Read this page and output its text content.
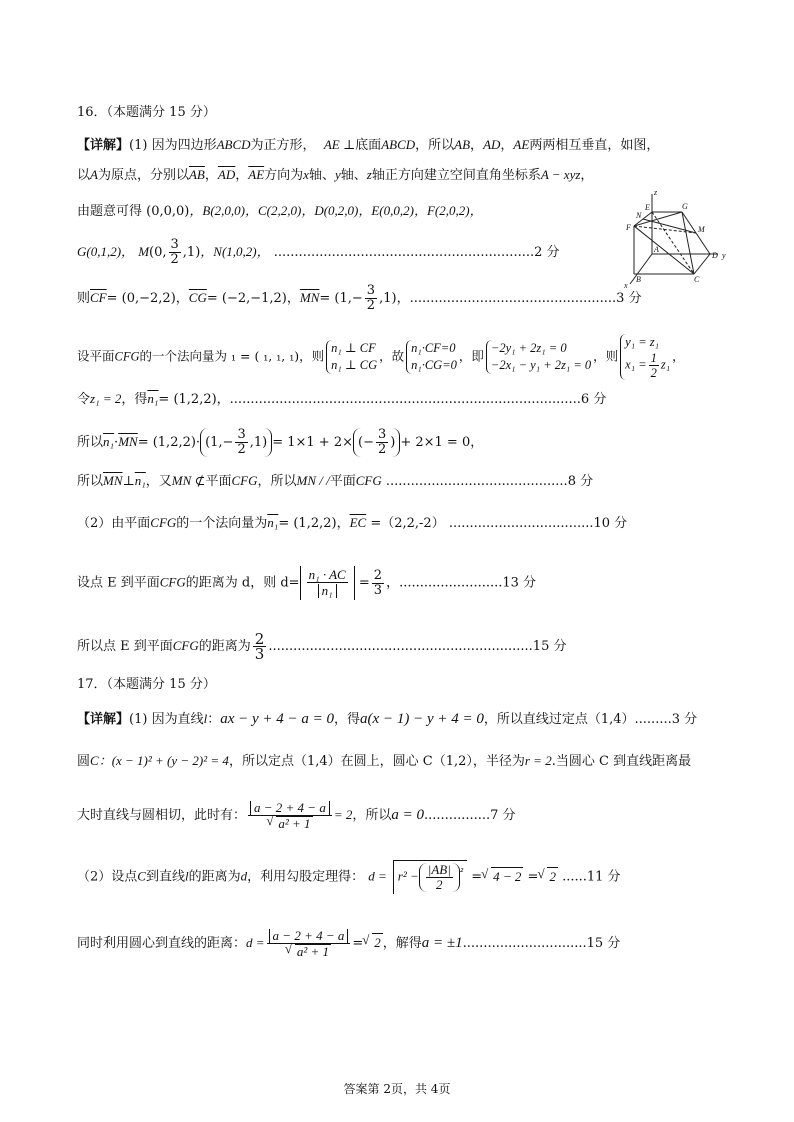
16．（本题满分 15 分）
【详解】(1) 因为四边形ABCD为正方形， AE ⊥底面ABCD，所以AB，AD，AE两两相互垂直，如图，
以A为原点，分别以$\overline{AB}$，$\overline{AD}$，$\overline{AE}$方向为x轴、y轴、z轴正方向建立空间直角坐标系A − xyz，
由题意可得 (0,0,0)，B(2,0,0)，C(2,2,0)，D(0,2,0)，E(0,0,2)，F(2,0,2)，
G(0,1,2)， M(0, $\frac{3}{2} ,1$)，N(1,0,2)， ...............................................................2 分
则$\overline{CF}= (0,-2,2)$，$\overline{CG}= (-2,-1,2)$，$\overline{MN}= (1,- \frac{3}{2} ,1)$，..................................................3 分
设平面CFG的一个法向量为 ₁ = ( ₁, ₁, ₁)，则
n₁ ⊥ CF
n₁ ⊥ CG
，故
n₁·CF=0
n₁·CG=0
，即
−2y₁ + 2z₁ = 0
−2x₁ − y₁ + 2z₁ = 0
，则
y₁ = z₁
$x_1 = \frac{1}{2} z_1$
，
令z₁ = 2，得n₁= (1,2,2)，.....................................................................................6 分
所以$n_1\cdot\overline{MN}= (1,2,2)\cdot (1,- \frac{3}{2} ,1) = 1\times 1 + 2\times$ (− $\frac{3}{2}$ ) + 2×1 = 0，
所以$\overline{MN}\perp n_1$，又MN ⊄平面CFG，所以MN / /平面CFG ............................................8 分
（2）由平面CFG的一个法向量为n₁= (1,2,2)，$\overline{EC} =(2,2,-2)$ ...................................10 分
设点 E 到平面CFG的距离为 d，则 $d= \frac{\text{n₁ · AC}}{\text{n₁}} = \frac{2}{3}$ ，.........................13 分
所以点 E 到平面CFG的距离为 $\frac{2}{3} ................................................................15$ 分
17．（本题满分 15 分）
【详解】(1) 因为直线l：ax − y + 4 − a = 0，得a(x − 1) − y + 4 = 0，所以直线过定点（1,4）.........3 分
圆C：(x − 1)² + (y − 2)² = 4，所以定点（1,4）在圆上，圆心 C（1,2），半径为r = 2.当圆心 C 到直线距离最
大时直线与圆相切，此时有： a − 2 + 4 − a
√ a² + 1 = 2，所以a = 0................7 分
（2）设点C到直线l的距离为d，利用勾股定理得： $d = r^2 - \frac{|AB|}{2} ^{^2}$ = √ 4 − 2 = √ 2 ......11 分
同时利用圆心到直线的距离：d = a − 2 + 4 − a
√ a² + 1 = √ 2 ，解得a = ±1..............................15 分
z
E	G
N
M
F
A
D y
B	C
x
答案第 2页，共 4页
